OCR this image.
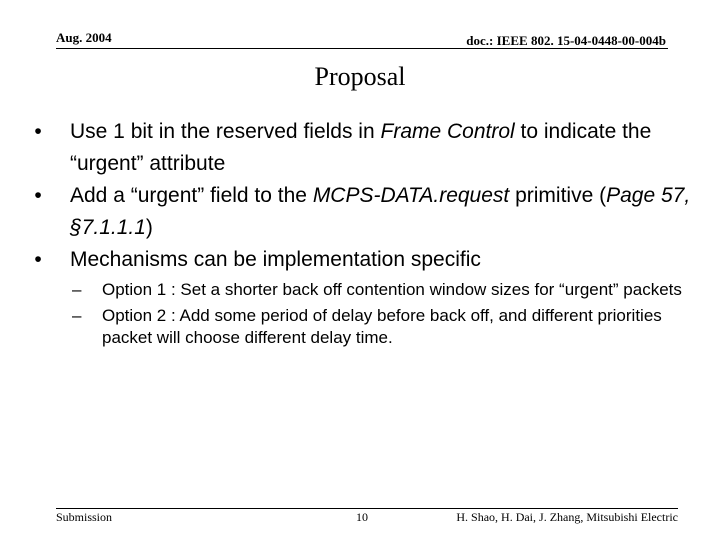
Aug. 2004	doc.: IEEE 802. 15-04-0448-00-004b
Proposal
•	Use 1 bit in the reserved fields in Frame Control to indicate the “urgent” attribute
•	Add a “urgent” field to the MCPS-DATA.request primitive (Page 57, §7.1.1.1)
•	Mechanisms can be implementation specific
– Option 1 : Set a shorter back off contention window sizes for “urgent” packets
– Option 2 : Add some period of delay before back off, and different priorities packet will choose different delay time.
Submission	10	H. Shao, H. Dai, J. Zhang, Mitsubishi Electric
